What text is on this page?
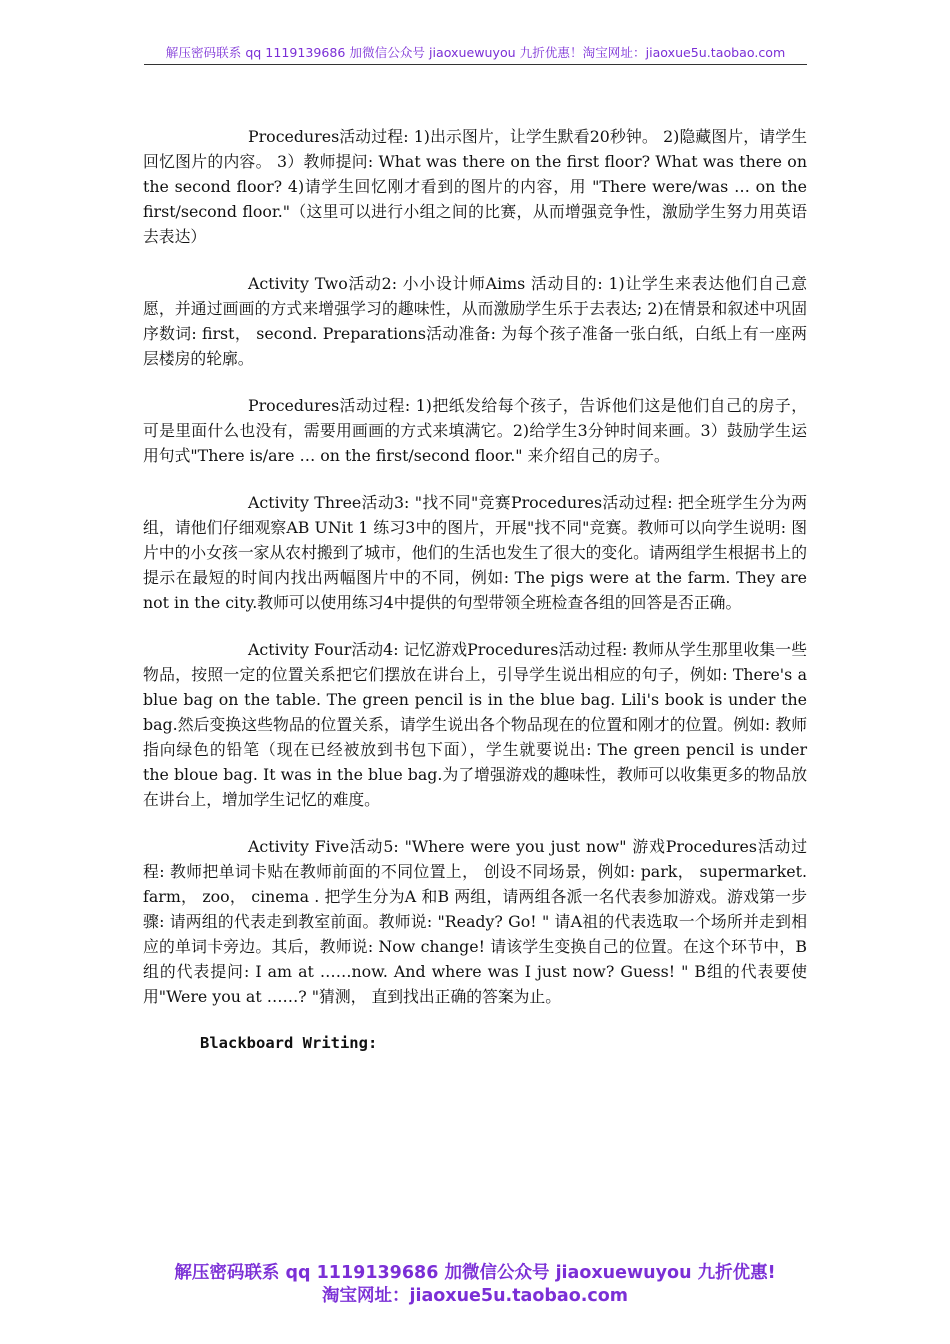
解压密码联系 qq 1119139686 加微信公众号 jiaoxuewuyou 九折优惠！淘宝网址：jiaoxue5u.taobao.com

Procedures活动过程: 1)出示图片，让学生默看20秒钟。 2)隐藏图片，请学生回忆图片的内容。 3）教师提问: What was there on the first floor? What was there on the second floor? 4)请学生回忆刚才看到的图片的内容，用 "There were/was … on the first/second floor."（这里可以进行小组之间的比赛，从而增强竞争性，激励学生努力用英语去表达）

Activity Two活动2: 小小设计师Aims 活动目的: 1)让学生来表达他们自己意愿，并通过画画的方式来增强学习的趣味性，从而激励学生乐于去表达; 2)在情景和叙述中巩固序数词: first， second. Preparations活动准备: 为每个孩子准备一张白纸，白纸上有一座两层楼房的轮廓。

Procedures活动过程: 1)把纸发给每个孩子，告诉他们这是他们自己的房子，可是里面什么也没有，需要用画画的方式来填满它。2)给学生3分钟时间来画。3）鼓励学生运用句式"There is/are … on the first/second floor." 来介绍自己的房子。

Activity Three活动3: "找不同"竞赛Procedures活动过程: 把全班学生分为两组，请他们仔细观察AB UNit 1 练习3中的图片，开展"找不同"竞赛。教师可以向学生说明: 图片中的小女孩一家从农村搬到了城市，他们的生活也发生了很大的变化。请两组学生根据书上的提示在最短的时间内找出两幅图片中的不同，例如: The pigs were at the farm. They are not in the city.教师可以使用练习4中提供的句型带领全班检查各组的回答是否正确。

Activity Four活动4: 记忆游戏Procedures活动过程: 教师从学生那里收集一些物品，按照一定的位置关系把它们摆放在讲台上，引导学生说出相应的句子，例如: There's a blue bag on the table. The green pencil is in the blue bag. Lili's book is under the bag.然后变换这些物品的位置关系，请学生说出各个物品现在的位置和刚才的位置。例如: 教师指向绿色的铅笔（现在已经被放到书包下面），学生就要说出: The green pencil is under the bloue bag. It was in the blue bag.为了增强游戏的趣味性，教师可以收集更多的物品放在讲台上，增加学生记忆的难度。

Activity Five活动5: "Where were you just now" 游戏Procedures活动过程: 教师把单词卡贴在教师前面的不同位置上， 创设不同场景，例如: park， supermarket. farm， zoo， cinema . 把学生分为A 和B 两组，请两组各派一名代表参加游戏。游戏第一步骤: 请两组的代表走到教室前面。教师说: "Ready? Go! " 请A祖的代表选取一个场所并走到相应的单词卡旁边。其后，教师说: Now change! 请该学生变换自己的位置。在这个环节中，B组的代表提问: I am at ……now. And where was I just now? Guess! " B组的代表要使用"Were you at ……? "猜测， 直到找出正确的答案为止。

Blackboard Writing:

解压密码联系 qq 1119139686 加微信公众号 jiaoxuewuyou 九折优惠!
淘宝网址：jiaoxue5u.taobao.com
